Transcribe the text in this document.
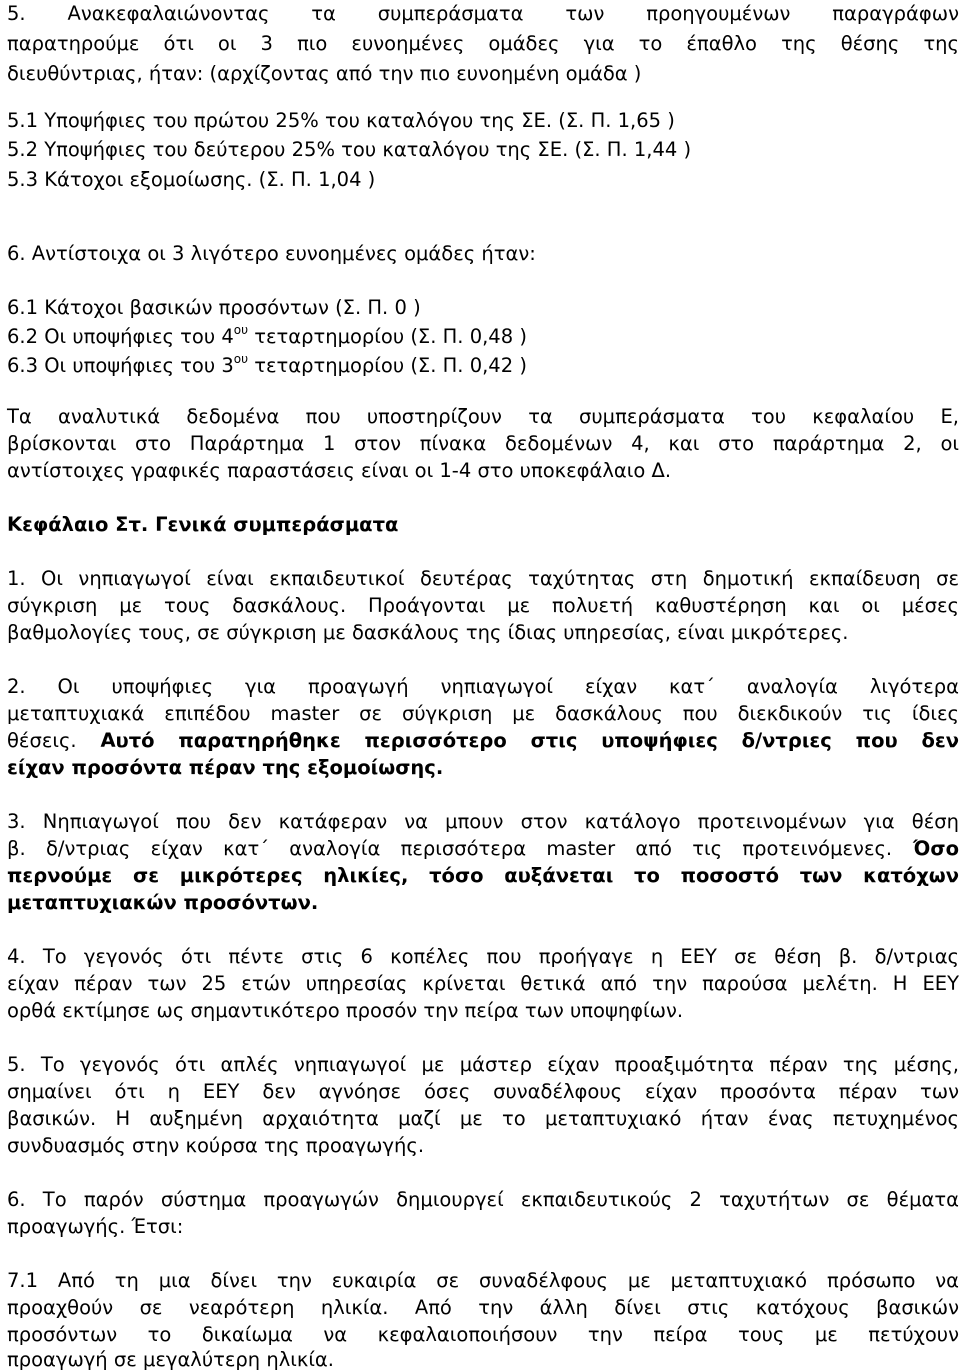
5. Ανακεφαλαιώνοντας τα συμπεράσματα των προηγουμένων παραγράφων
παρατηρούμε ότι οι 3 πιο ευνοημένες ομάδες για το έπαθλο της θέσης της
διευθύντριας, ήταν: (αρχίζοντας από την πιο ευνοημένη ομάδα )
5.1 Υποψήφιες του πρώτου 25% του καταλόγου της ΣΕ. (Σ. Π. 1,65 )
5.2 Υποψήφιες του δεύτερου 25% του καταλόγου της ΣΕ. (Σ. Π. 1,44 )
5.3 Κάτοχοι εξομοίωσης. (Σ. Π. 1,04 )
6. Αντίστοιχα οι 3 λιγότερο ευνοημένες ομάδες ήταν:
6.1 Κάτοχοι βασικών προσόντων (Σ. Π. 0 )
6.2 Οι υποψήφιες του $4^{o\upsilon}$ τεταρτημορίου (Σ. Π. 0,48 )
6.3 Οι υποψήφιες του $3^{o\upsilon}$ τεταρτημορίου (Σ. Π. 0,42 )
Τα αναλυτικά δεδομένα που υποστηρίζουν τα συμπεράσματα του κεφαλαίου Ε,
βρίσκονται στο Παράρτημα 1 στον πίνακα δεδομένων 4, και στο παράρτημα 2, οι
αντίστοιχες γραφικές παραστάσεις είναι οι 1-4 στο υποκεφάλαιο Δ.
Κεφάλαιο Στ. Γενικά συμπεράσματα
1. Οι νηπιαγωγοί είναι εκπαιδευτικοί δευτέρας ταχύτητας στη δημοτική εκπαίδευση σε
σύγκριση με τους δασκάλους. Προάγονται με πολυετή καθυστέρηση και οι μέσες
βαθμολογίες τους, σε σύγκριση με δασκάλους της ίδιας υπηρεσίας, είναι μικρότερες.
2. Οι υποψήφιες για προαγωγή νηπιαγωγοί είχαν κατ΄ αναλογία λιγότερα
μεταπτυχιακά επιπέδου master σε σύγκριση με δασκάλους που διεκδικούν τις ίδιες
θέσεις. Αυτό παρατηρήθηκε περισσότερο στις υποψήφιες δ/ντριες που δεν
είχαν προσόντα πέραν της εξομοίωσης.
3. Νηπιαγωγοί που δεν κατάφεραν να μπουν στον κατάλογο προτεινομένων για θέση
β. δ/ντριας είχαν κατ΄ αναλογία περισσότερα master από τις προτεινόμενες. Όσο
περνούμε σε μικρότερες ηλικίες, τόσο αυξάνεται το ποσοστό των κατόχων
μεταπτυχιακών προσόντων.
4. Το γεγονός ότι πέντε στις 6 κοπέλες που προήγαγε η ΕΕΥ σε θέση β. δ/ντριας
είχαν πέραν των 25 ετών υπηρεσίας κρίνεται θετικά από την παρούσα μελέτη. Η ΕΕΥ
ορθά εκτίμησε ως σημαντικότερο προσόν την πείρα των υποψηφίων.
5. Το γεγονός ότι απλές νηπιαγωγοί με μάστερ είχαν προαξιμότητα πέραν της μέσης,
σημαίνει ότι η ΕΕΥ δεν αγνόησε όσες συναδέλφους είχαν προσόντα πέραν των
βασικών. Η αυξημένη αρχαιότητα μαζί με το μεταπτυχιακό ήταν ένας πετυχημένος
συνδυασμός στην κούρσα της προαγωγής.
6. Το παρόν σύστημα προαγωγών δημιουργεί εκπαιδευτικούς 2 ταχυτήτων σε θέματα
προαγωγής. Έτσι:
7.1 Από τη μια δίνει την ευκαιρία σε συναδέλφους με μεταπτυχιακό πρόσωπο να
προαχθούν σε νεαρότερη ηλικία. Από την άλλη δίνει στις κατόχους βασικών
προσόντων το δικαίωμα να κεφαλαιοποιήσουν την πείρα τους με πετύχουν
προαγωγή σε μεγαλύτερη ηλικία.
